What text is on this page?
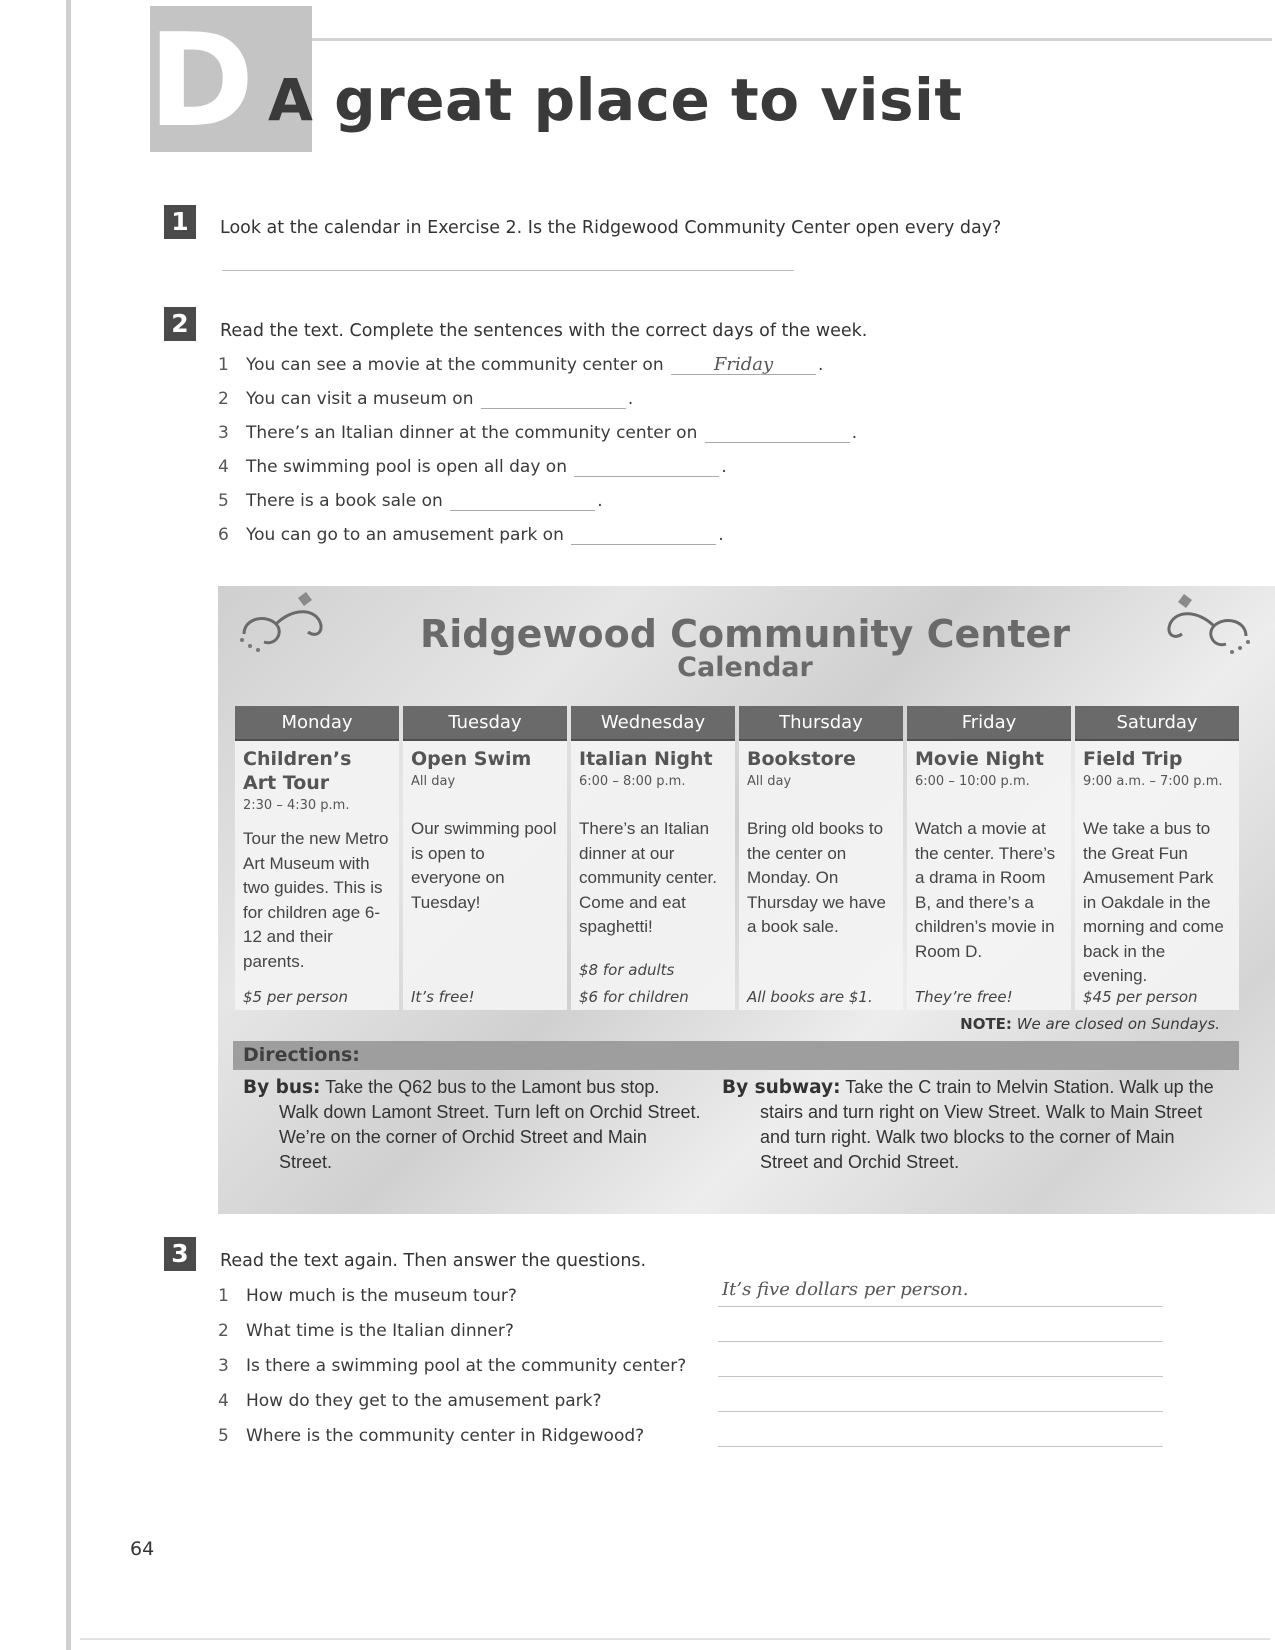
D A great place to visit
1	Look at the calendar in Exercise 2. Is the Ridgewood Community Center open every day?
2	Read the text. Complete the sentences with the correct days of the week.
1 You can see a movie at the community center on	Friday	.
2 You can visit a museum on	.
3 There’s an Italian dinner at the community center on	.
4 The swimming pool is open all day on	.
5 There is a book sale on	.
6 You can go to an amusement park on	.
Ridgewood Community Center
Calendar
Monday
Children’s Art Tour
2:30 – 4:30 p.m.
Tour the new Metro Art Museum with two guides. This is for children age 6-12 and their parents.
$5 per person
Tuesday
Open Swim
All day
Our swimming pool is open to everyone on Tuesday!
It’s free!
Wednesday
Italian Night
6:00 – 8:00 p.m.
There’s an Italian dinner at our community center. Come and eat spaghetti!
$8 for adults
$6 for children
Thursday
Bookstore
All day
Bring old books to the center on Monday. On Thursday we have a book sale.
All books are $1.
Friday
Movie Night
6:00 – 10:00 p.m.
Watch a movie at the center. There’s a drama in Room B, and there’s a children’s movie in Room D.
They’re free!
Saturday
Field Trip
9:00 a.m. – 7:00 p.m.
We take a bus to the Great Fun Amusement Park in Oakdale in the morning and come back in the evening.
$45 per person
NOTE: We are closed on Sundays.
Directions:
By bus: Take the Q62 bus to the Lamont bus stop. Walk down Lamont Street. Turn left on Orchid Street. We’re on the corner of Orchid Street and Main Street.
By subway: Take the C train to Melvin Station. Walk up the stairs and turn right on View Street. Walk to Main Street and turn right. Walk two blocks to the corner of Main Street and Orchid Street.
3	Read the text again. Then answer the questions.
1 How much is the museum tour?	It’s five dollars per person.
2 What time is the Italian dinner?
3 Is there a swimming pool at the community center?
4 How do they get to the amusement park?
5 Where is the community center in Ridgewood?
64
